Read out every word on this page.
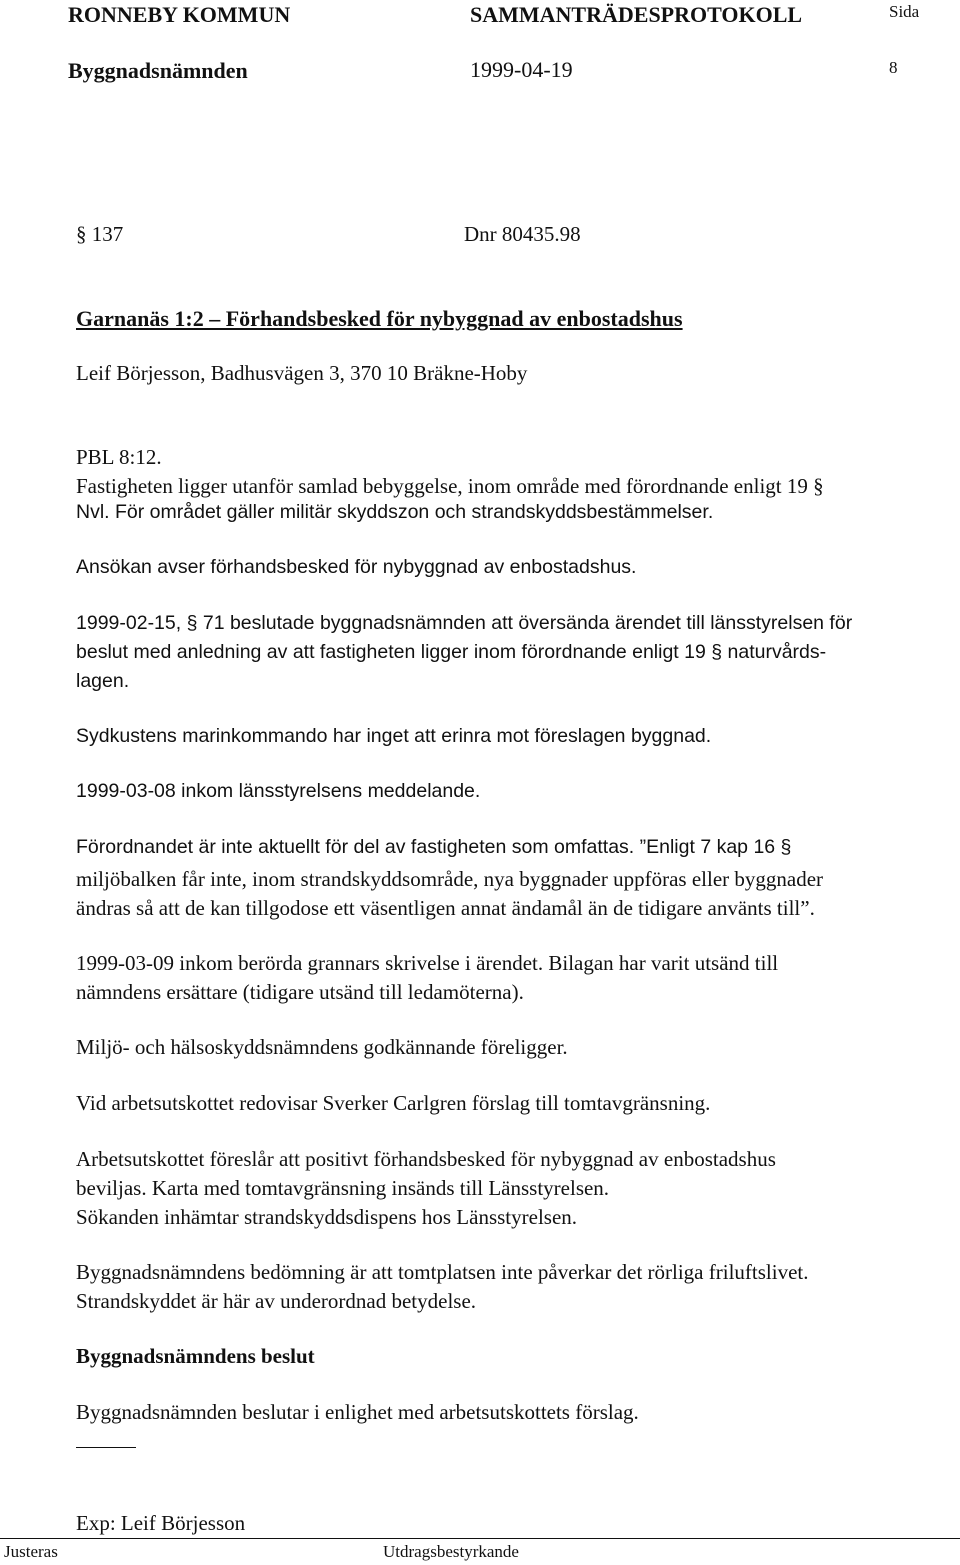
RONNEBY KOMMUN	SAMMANTRÄDESPROTOKOLL	Sida
Byggnadsnämnden	1999-04-19	8
§ 137	Dnr 80435.98
Garnanäs 1:2 – Förhandsbesked för nybyggnad av enbostadshus
Leif Börjesson, Badhusvägen 3, 370 10 Bräkne-Hoby
PBL 8:12.
Fastigheten ligger utanför samlad bebyggelse, inom område med förordnande enligt 19 §
Nvl. För området gäller militär skyddszon och strandskyddsbestämmelser.
Ansökan avser förhandsbesked för nybyggnad av enbostadshus.
1999-02-15, § 71 beslutade byggnadsnämnden att översända ärendet till länsstyrelsen för
beslut med anledning av att fastigheten ligger inom förordnande enligt 19 § naturvårds-
lagen.
Sydkustens marinkommando har inget att erinra mot föreslagen byggnad.
1999-03-08 inkom länsstyrelsens meddelande.
Förordnandet är inte aktuellt för del av fastigheten som omfattas. ”Enligt 7 kap 16 §
miljöbalken får inte, inom strandskyddsområde, nya byggnader uppföras eller byggnader
ändras så att de kan tillgodose ett väsentligen annat ändamål än de tidigare använts till”.
1999-03-09 inkom berörda grannars skrivelse i ärendet. Bilagan har varit utsänd till
nämndens ersättare (tidigare utsänd till ledamöterna).
Miljö- och hälsoskyddsnämndens godkännande föreligger.
Vid arbetsutskottet redovisar Sverker Carlgren förslag till tomtavgränsning.
Arbetsutskottet föreslår att positivt förhandsbesked för nybyggnad av enbostadshus
beviljas. Karta med tomtavgränsning insänds till Länsstyrelsen.
Sökanden inhämtar strandskyddsdispens hos Länsstyrelsen.
Byggnadsnämndens bedömning är att tomtplatsen inte påverkar det rörliga friluftslivet.
Strandskyddet är här av underordnad betydelse.
Byggnadsnämndens beslut
Byggnadsnämnden beslutar i enlighet med arbetsutskottets förslag.
Exp: Leif Börjesson
Justeras	Utdragsbestyrkande
